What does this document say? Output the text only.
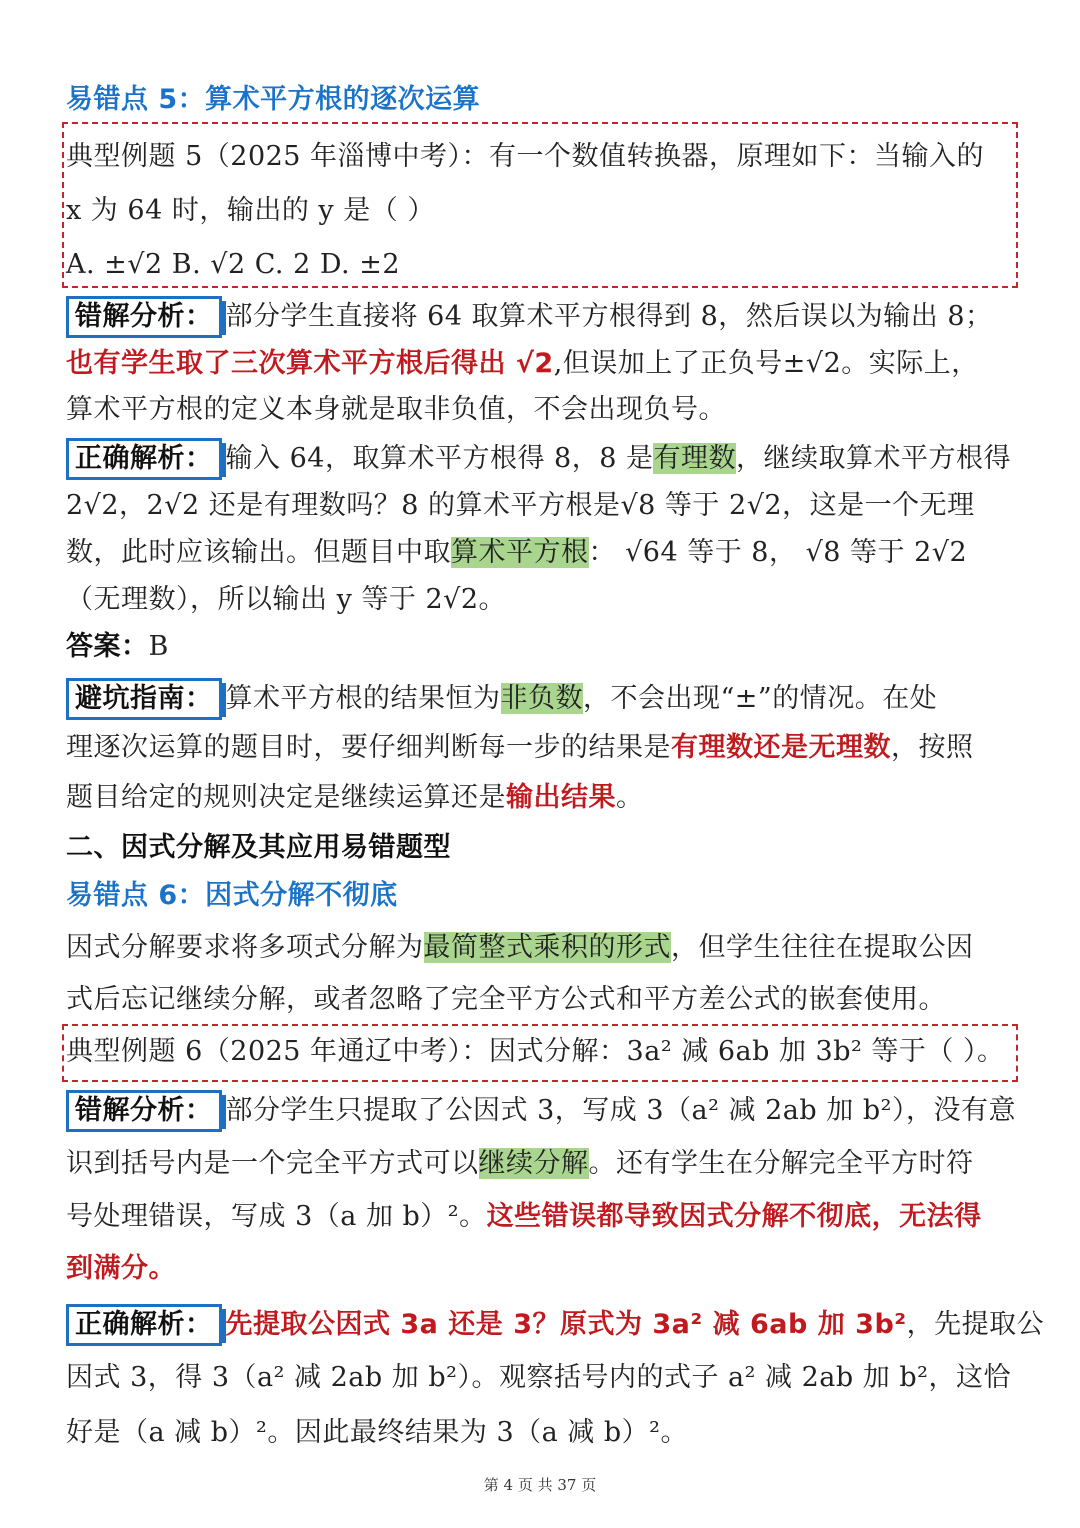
易错点 5：算术平方根的逐次运算
典型例题 5（2025 年淄博中考）：有一个数值转换器，原理如下：当输入的
x 为 64 时，输出的 y 是（ ）
A. ±√2 B. √2 C. 2 D. ±2
错解分析： 部分学生直接将 64 取算术平方根得到 8，然后误以为输出 8；
也有学生取了三次算术平方根后得出 √2,但误加上了正负号±√2。实际上，
算术平方根的定义本身就是取非负值，不会出现负号。
正确解析： 输入 64，取算术平方根得 8，8 是有理数，继续取算术平方根得
2√2，2√2 还是有理数吗？8 的算术平方根是√8 等于 2√2，这是一个无理
数，此时应该输出。但题目中取算术平方根： √64 等于 8， √8 等于 2√2
（无理数），所以输出 y 等于 2√2。
答案：B
避坑指南： 算术平方根的结果恒为非负数，不会出现“±”的情况。在处
理逐次运算的题目时，要仔细判断每一步的结果是有理数还是无理数，按照
题目给定的规则决定是继续运算还是输出结果。
二、因式分解及其应用易错题型
易错点 6：因式分解不彻底
因式分解要求将多项式分解为最简整式乘积的形式，但学生往往在提取公因
式后忘记继续分解，或者忽略了完全平方公式和平方差公式的嵌套使用。
典型例题 6（2025 年通辽中考）：因式分解：3a² 减 6ab 加 3b² 等于（ ）。
错解分析： 部分学生只提取了公因式 3，写成 3（a² 减 2ab 加 b²），没有意
识到括号内是一个完全平方式可以继续分解。还有学生在分解完全平方时符
号处理错误，写成 3（a 加 b）²。这些错误都导致因式分解不彻底，无法得
到满分。
正确解析： 先提取公因式 3a 还是 3？原式为 3a² 减 6ab 加 3b²，先提取公
因式 3，得 3（a² 减 2ab 加 b²）。观察括号内的式子 a² 减 2ab 加 b²，这恰
好是（a 减 b）²。因此最终结果为 3（a 减 b）²。
第 4 页 共 37 页
